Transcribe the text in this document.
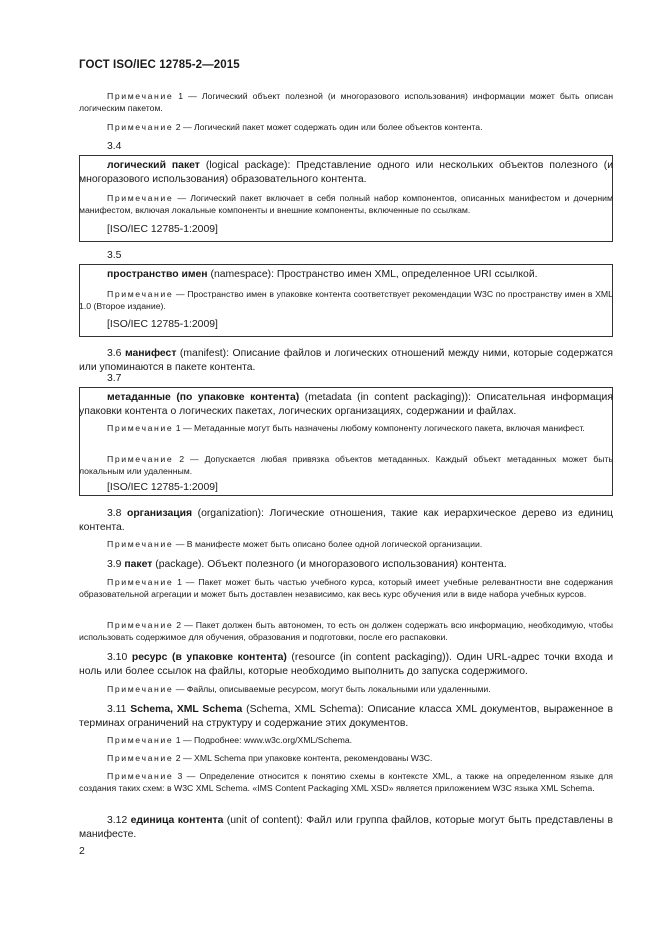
ГОСТ ISO/IEC 12785-2—2015
Примечание 1 — Логический объект полезной (и многоразового использования) информации может быть описан логическим пакетом.
Примечание 2 — Логический пакет может содержать один или более объектов контента.
3.4
логический пакет (logical package): Представление одного или нескольких объектов полезного (и многоразового использования) образовательного контента.
Примечание — Логический пакет включает в себя полный набор компонентов, описанных манифестом и дочерним манифестом, включая локальные компоненты и внешние компоненты, включенные по ссылкам.
[ISO/IEC 12785-1:2009]
3.5
пространство имен (namespace): Пространство имен XML, определенное URI ссылкой.
Примечание — Пространство имен в упаковке контента соответствует рекомендации W3C по пространству имен в XML 1.0 (Второе издание).
[ISO/IEC 12785-1:2009]
3.6 манифест (manifest): Описание файлов и логических отношений между ними, которые содержатся или упоминаются в пакете контента.
3.7
метаданные (по упаковке контента) (metadata (in content packaging)): Описательная информация упаковки контента о логических пакетах, логических организациях, содержании и файлах.
Примечание 1 — Метаданные могут быть назначены любому компоненту логического пакета, включая манифест.
Примечание 2 — Допускается любая привязка объектов метаданных. Каждый объект метаданных может быть локальным или удаленным.
[ISO/IEC 12785-1:2009]
3.8 организация (organization): Логические отношения, такие как иерархическое дерево из единиц контента.
Примечание — В манифесте может быть описано более одной логической организации.
3.9 пакет (package). Объект полезного (и многоразового использования) контента.
Примечание 1 — Пакет может быть частью учебного курса, который имеет учебные релевантности вне содержания образовательной агрегации и может быть доставлен независимо, как весь курс обучения или в виде набора учебных курсов.
Примечание 2 — Пакет должен быть автономен, то есть он должен содержать всю информацию, необходимую, чтобы использовать содержимое для обучения, образования и подготовки, после его распаковки.
3.10 ресурс (в упаковке контента) (resource (in content packaging)). Один URL-адрес точки входа и ноль или более ссылок на файлы, которые необходимо выполнить до запуска содержимого.
Примечание — Файлы, описываемые ресурсом, могут быть локальными или удаленными.
3.11 Schema, XML Schema (Schema, XML Schema): Описание класса XML документов, выраженное в терминах ограничений на структуру и содержание этих документов.
Примечание 1 — Подробнее: www.w3c.org/XML/Schema.
Примечание 2 — XML Schema при упаковке контента, рекомендованы W3C.
Примечание 3 — Определение относится к понятию схемы в контексте XML, а также на определенном языке для создания таких схем: в W3C XML Schema. «IMS Content Packaging XML XSD» является приложением W3C языка XML Schema.
3.12 единица контента (unit of content): Файл или группа файлов, которые могут быть представлены в манифесте.
2
